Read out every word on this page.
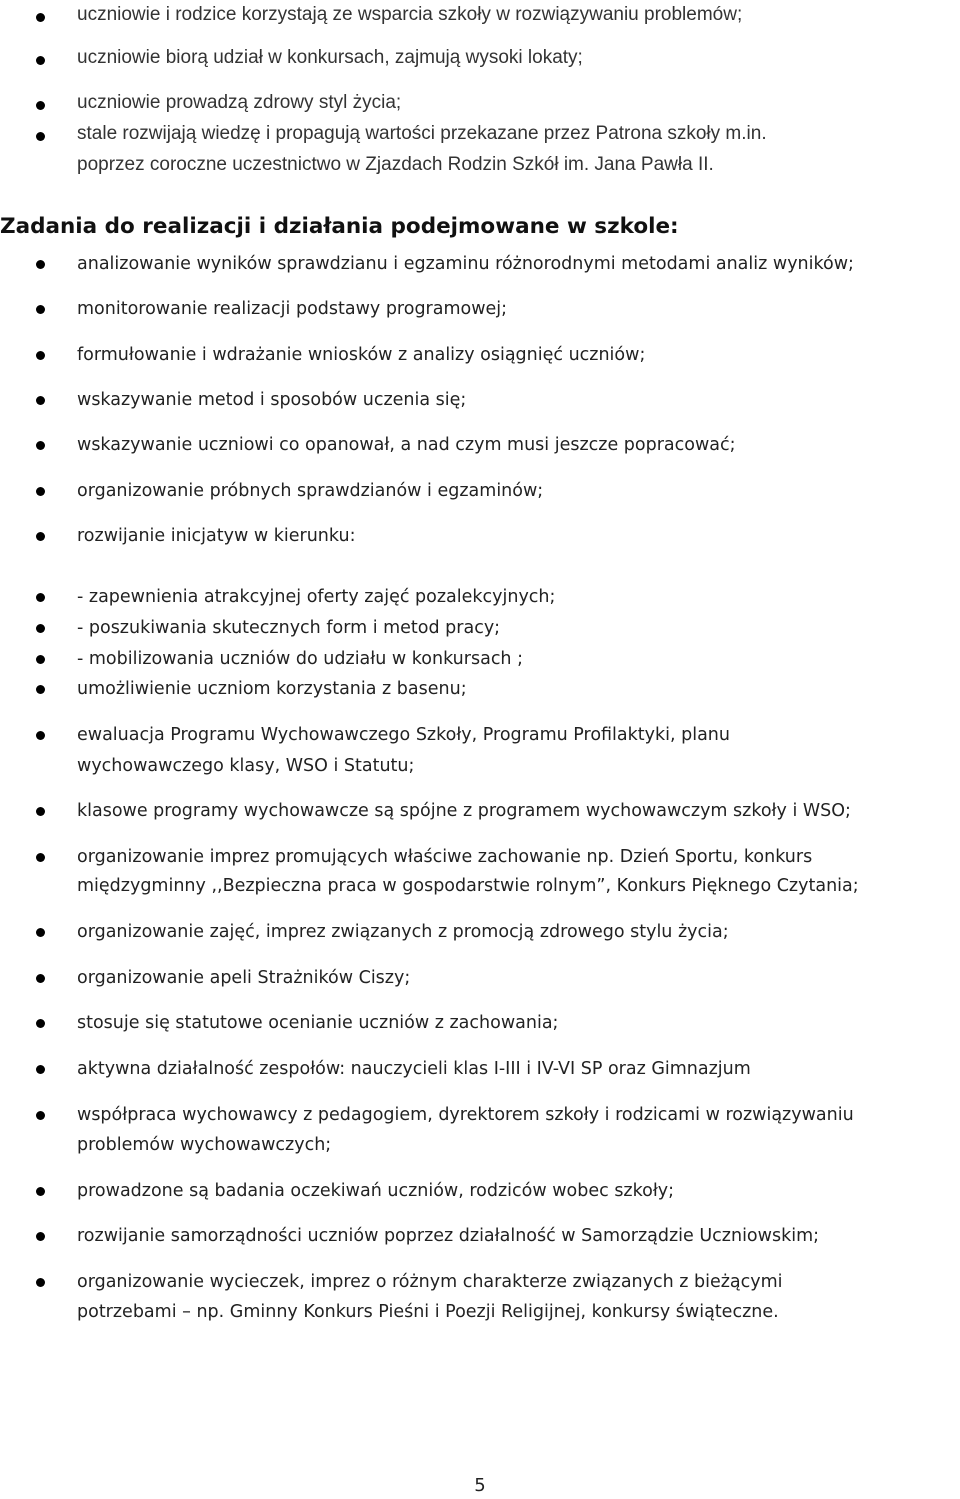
uczniowie i rodzice korzystają ze wsparcia szkoły w rozwiązywaniu problemów;
uczniowie biorą udział w konkursach, zajmują wysoki lokaty;
uczniowie prowadzą zdrowy styl życia;
stale rozwijają wiedzę i propagują wartości przekazane przez Patrona szkoły m.in.
poprzez coroczne uczestnictwo w Zjazdach Rodzin Szkół im. Jana Pawła II.
Zadania do realizacji i działania podejmowane w szkole:
analizowanie wyników sprawdzianu i egzaminu różnorodnymi metodami analiz wyników;
monitorowanie realizacji podstawy programowej;
formułowanie i wdrażanie wniosków z analizy osiągnięć uczniów;
wskazywanie metod i sposobów uczenia się;
wskazywanie uczniowi co opanował, a nad czym musi jeszcze popracować;
organizowanie próbnych sprawdzianów i egzaminów;
rozwijanie inicjatyw w kierunku:
- zapewnienia atrakcyjnej oferty zajęć pozalekcyjnych;
- poszukiwania skutecznych form i metod pracy;
- mobilizowania uczniów do udziału w konkursach ;
umożliwienie uczniom korzystania z basenu;
ewaluacja Programu Wychowawczego Szkoły, Programu Profilaktyki, planu
wychowawczego klasy, WSO i Statutu;
klasowe programy wychowawcze są spójne z programem wychowawczym szkoły i WSO;
organizowanie imprez promujących właściwe zachowanie np. Dzień Sportu, konkurs
międzygminny ,,Bezpieczna praca w gospodarstwie rolnym”, Konkurs Pięknego Czytania;
organizowanie zajęć, imprez związanych z promocją zdrowego stylu życia;
organizowanie apeli Strażników Ciszy;
stosuje się statutowe ocenianie uczniów z zachowania;
aktywna działalność zespołów: nauczycieli klas I-III i IV-VI SP oraz Gimnazjum
współpraca wychowawcy z pedagogiem, dyrektorem szkoły i rodzicami w rozwiązywaniu
problemów wychowawczych;
prowadzone są badania oczekiwań uczniów, rodziców wobec szkoły;
rozwijanie samorządności uczniów poprzez działalność w Samorządzie Uczniowskim;
organizowanie wycieczek, imprez o różnym charakterze związanych z bieżącymi
potrzebami – np. Gminny Konkurs Pieśni i Poezji Religijnej, konkursy świąteczne.
5
